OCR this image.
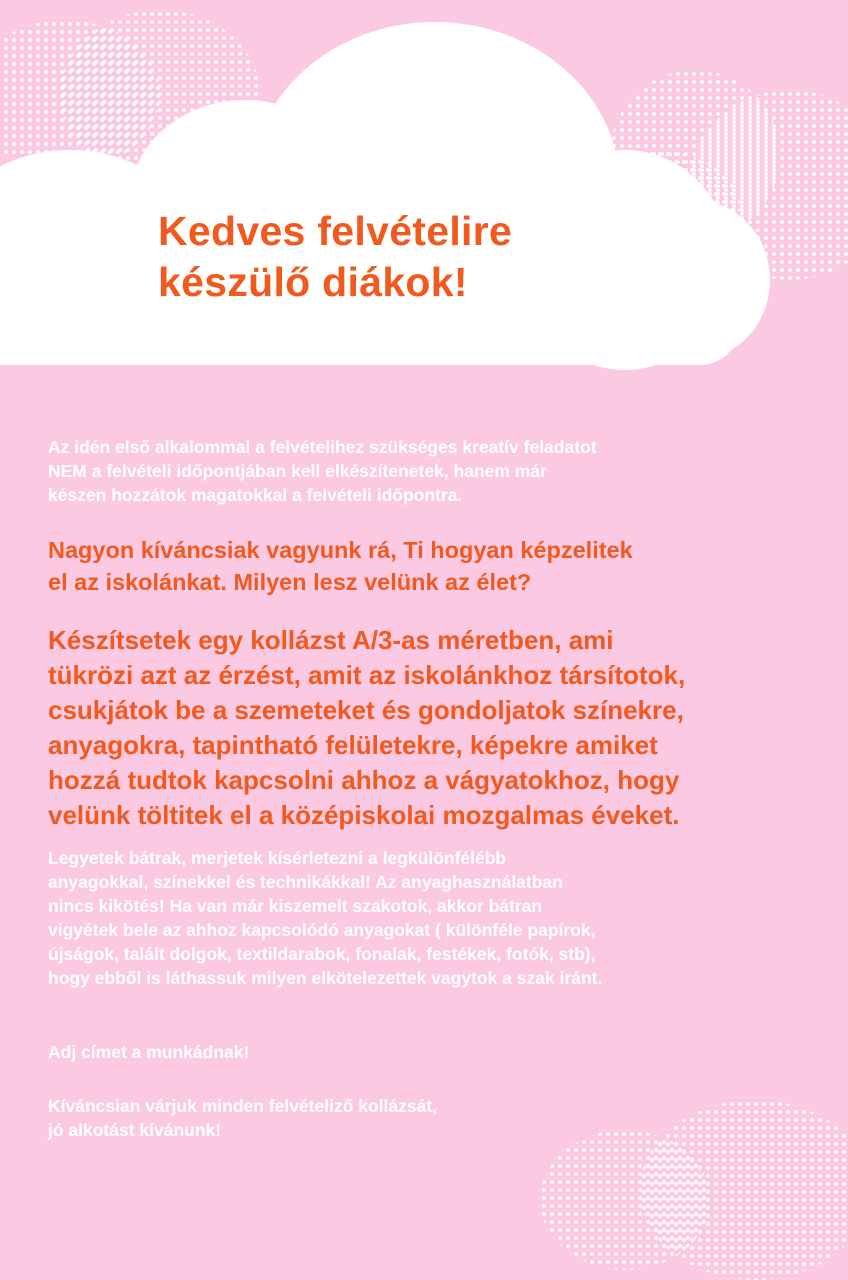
Kedves felvételire
készülő diákok!

Az idén első alkalommal a felvételihez szükséges kreatív feladatot
NEM a felvételi időpontjában kell elkészítenetek, hanem már
készen hozzátok magatokkal a felvételi időpontra.

Nagyon kíváncsiak vagyunk rá, Ti hogyan képzelitek
el az iskolánkat. Milyen lesz velünk az élet?

Készítsetek egy kollázst A/3-as méretben, ami
tükrözi azt az érzést, amit az iskolánkhoz társítotok,
csukjátok be a szemeteket és gondoljatok színekre,
anyagokra, tapintható felületekre, képekre amiket
hozzá tudtok kapcsolni ahhoz a vágyatokhoz, hogy
velünk töltitek el a középiskolai mozgalmas éveket.

Legyetek bátrak, merjetek kísérletezni a legkülönfélébb
anyagokkal, színekkel és technikákkal! Az anyaghasználatban
nincs kikötés! Ha van már kiszemelt szakotok, akkor bátran
vigyétek bele az ahhoz kapcsolódó anyagokat ( különféle papírok,
újságok, talált dolgok, textildarabok, fonalak, festékek, fotók, stb),
hogy ebből is láthassuk milyen elkötelezettek vagytok a szak iránt.

Adj címet a munkádnak!

Kíváncsian várjuk minden felvételiző kollázsát,
jó alkotást kívánunk!
